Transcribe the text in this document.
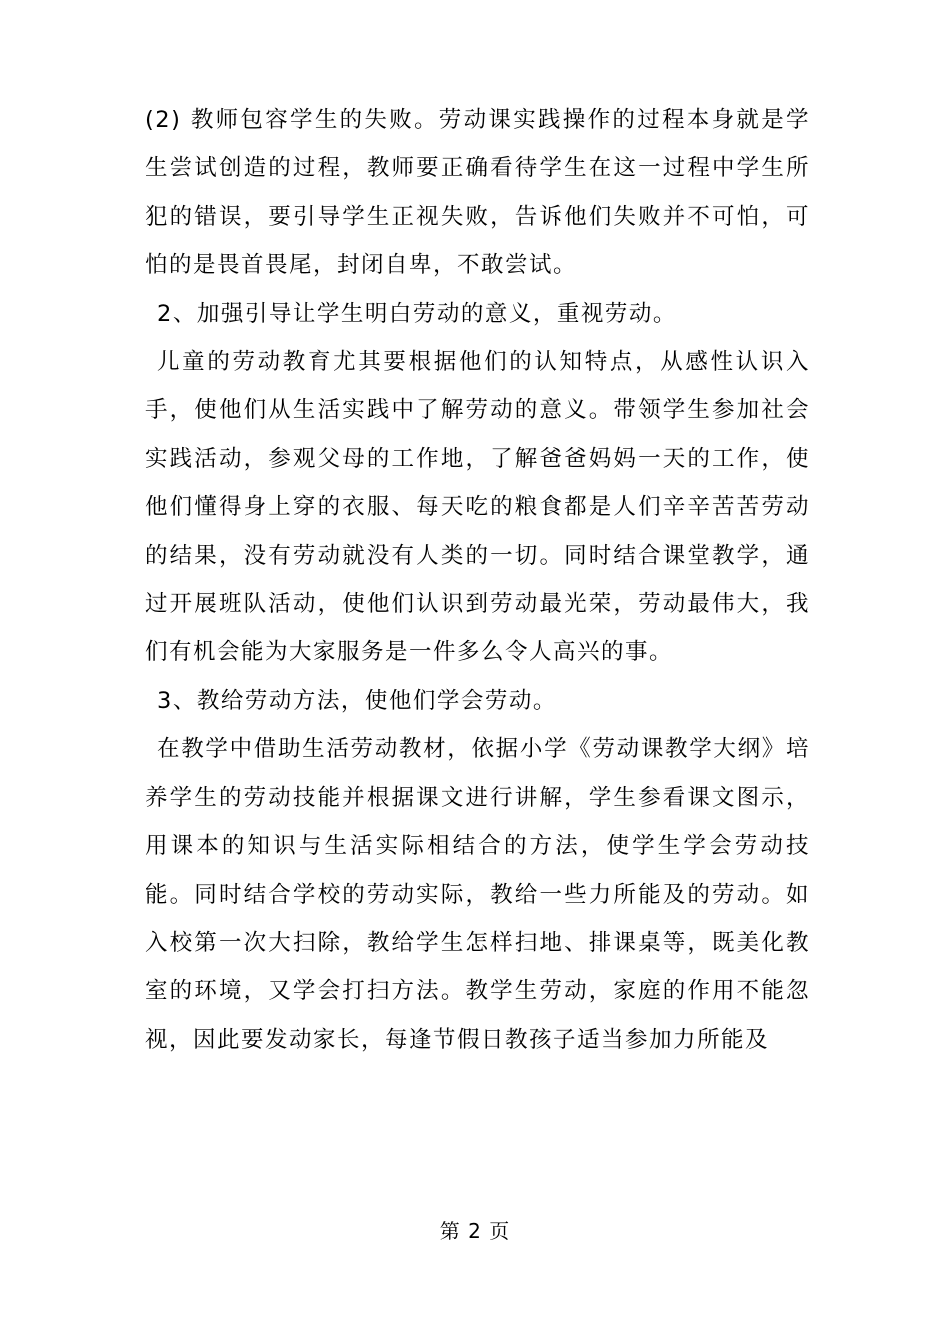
(2) 教师包容学生的失败。劳动课实践操作的过程本身就是学生尝试创造的过程，教师要正确看待学生在这一过程中学生所犯的错误，要引导学生正视失败，告诉他们失败并不可怕，可怕的是畏首畏尾，封闭自卑，不敢尝试。

2、加强引导让学生明白劳动的意义，重视劳动。

儿童的劳动教育尤其要根据他们的认知特点，从感性认识入手，使他们从生活实践中了解劳动的意义。带领学生参加社会实践活动，参观父母的工作地，了解爸爸妈妈一天的工作，使他们懂得身上穿的衣服、每天吃的粮食都是人们辛辛苦苦劳动的结果，没有劳动就没有人类的一切。同时结合课堂教学，通过开展班队活动，使他们认识到劳动最光荣，劳动最伟大，我们有机会能为大家服务是一件多么令人高兴的事。

3、教给劳动方法，使他们学会劳动。

在教学中借助生活劳动教材，依据小学《劳动课教学大纲》培养学生的劳动技能并根据课文进行讲解，学生参看课文图示，用课本的知识与生活实际相结合的方法，使学生学会劳动技能。同时结合学校的劳动实际，教给一些力所能及的劳动。如入校第一次大扫除，教给学生怎样扫地、排课桌等，既美化教室的环境，又学会打扫方法。教学生劳动，家庭的作用不能忽视，因此要发动家长，每逢节假日教孩子适当参加力所能及

第 2 页
